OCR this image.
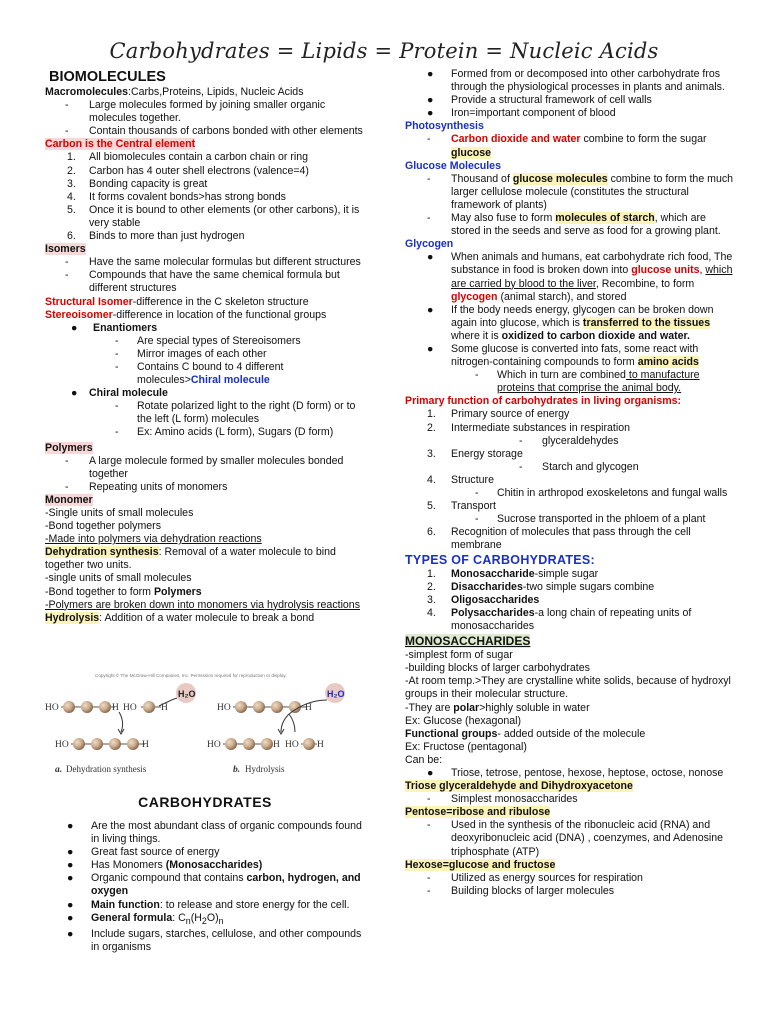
Carbohydrates = Lipids = Protein = Nucleic Acids
BIOMOLECULES
Macromolecules:Carbs,Proteins, Lipids, Nucleic Acids
- Large molecules formed by joining smaller organic molecules together.
- Contain thousands of carbons bonded with other elements
Carbon is the Central element
1. All biomolecules contain a carbon chain or ring
2. Carbon has 4 outer shell electrons (valence=4)
3. Bonding capacity is great
4. It forms covalent bonds>has strong bonds
5. Once it is bound to other elements (or other carbons), it is very stable
6. Binds to more than just hydrogen
Isomers
- Have the same molecular formulas but different structures
- Compounds that have the same chemical formula but different structures
Structural Isomer-difference in the C skeleton structure
Stereoisomer-difference in location of the functional groups
● Enantiomers
- Are special types of Stereoisomers
- Mirror images of each other
- Contains C bound to 4 different molecules>Chiral molecule
● Chiral molecule
- Rotate polarized light to the right (D form) or to the left (L form) molecules
- Ex: Amino acids (L form), Sugars (D form)
Polymers
- A large molecule formed by smaller molecules bonded together
- Repeating units of monomers
Monomer
-Single units of small molecules
-Bond together polymers
-Made into polymers via dehydration reactions
Dehydration synthesis: Removal of a water molecule to bind together two units.
-single units of small molecules
-Bond together to form Polymers
-Polymers are broken down into monomers via hydrolysis reactions
Hydrolysis: Addition of a water molecule to break a bond
Copyright © The McGraw-Hill Companies, Inc. Permission required for reproduction or display.
H₂O
HO	H HO	H
HO	H
a. Dehydration synthesis
H₂O
HO	H
HO	H HO H
b. Hydrolysis
CARBOHYDRATES
● Are the most abundant class of organic compounds found in living things.
● Great fast source of energy
● Has Monomers (Monosaccharides)
● Organic compound that contains carbon, hydrogen, and oxygen
● Main function: to release and store energy for the cell.
● General formula: $C_n(H_2O)_n$
● Include sugars, starches, cellulose, and other compounds in organisms
● Formed from or decomposed into other carbohydrate fros through the physiological processes in plants and animals.
● Provide a structural framework of cell walls
● Iron=important component of blood
Photosynthesis
- Carbon dioxide and water combine to form the sugar glucose
Glucose Molecules
- Thousand of glucose molecules combine to form the much larger cellulose molecule (constitutes the structural framework of plants)
- May also fuse to form molecules of starch, which are stored in the seeds and serve as food for a growing plant.
Glycogen
● When animals and humans, eat carbohydrate rich food, The substance in food is broken down into glucose units, which are carried by blood to the liver, Recombine, to form glycogen (animal starch), and stored
● If the body needs energy, glycogen can be broken down again into glucose, which is transferred to the tissues where it is oxidized to carbon dioxide and water.
● Some glucose is converted into fats, some react with nitrogen-containing compounds to form amino acids
- Which in turn are combined to manufacture proteins that comprise the animal body.
Primary function of carbohydrates in living organisms:
1. Primary source of energy
2. Intermediate substances in respiration
- glyceraldehydes
3. Energy storage
- Starch and glycogen
4. Structure
- Chitin in arthropod exoskeletons and fungal walls
5. Transport
- Sucrose transported in the phloem of a plant
6. Recognition of molecules that pass through the cell membrane
TYPES OF CARBOHYDRATES:
1. Monosaccharide-simple sugar
2. Disaccharides-two simple sugars combine
3. Oligosaccharides
4. Polysaccharides-a long chain of repeating units of monosaccharides
MONOSACCHARIDES
-simplest form of sugar
-building blocks of larger carbohydrates
-At room temp.>They are crystalline white solids, because of hydroxyl groups in their molecular structure.
-They are polar>highly soluble in water
Ex: Glucose (hexagonal)
Functional groups- added outside of the molecule
Ex: Fructose (pentagonal)
Can be:
● Triose, tetrose, pentose, hexose, heptose, octose, nonose
Triose glyceraldehyde and Dihydroxyacetone
- Simplest monosaccharides
Pentose=ribose and ribulose
- Used in the synthesis of the ribonucleic acid (RNA) and deoxyribonucleic acid (DNA) , coenzymes, and Adenosine triphosphate (ATP)
Hexose=glucose and fructose
- Utilized as energy sources for respiration
- Building blocks of larger molecules
